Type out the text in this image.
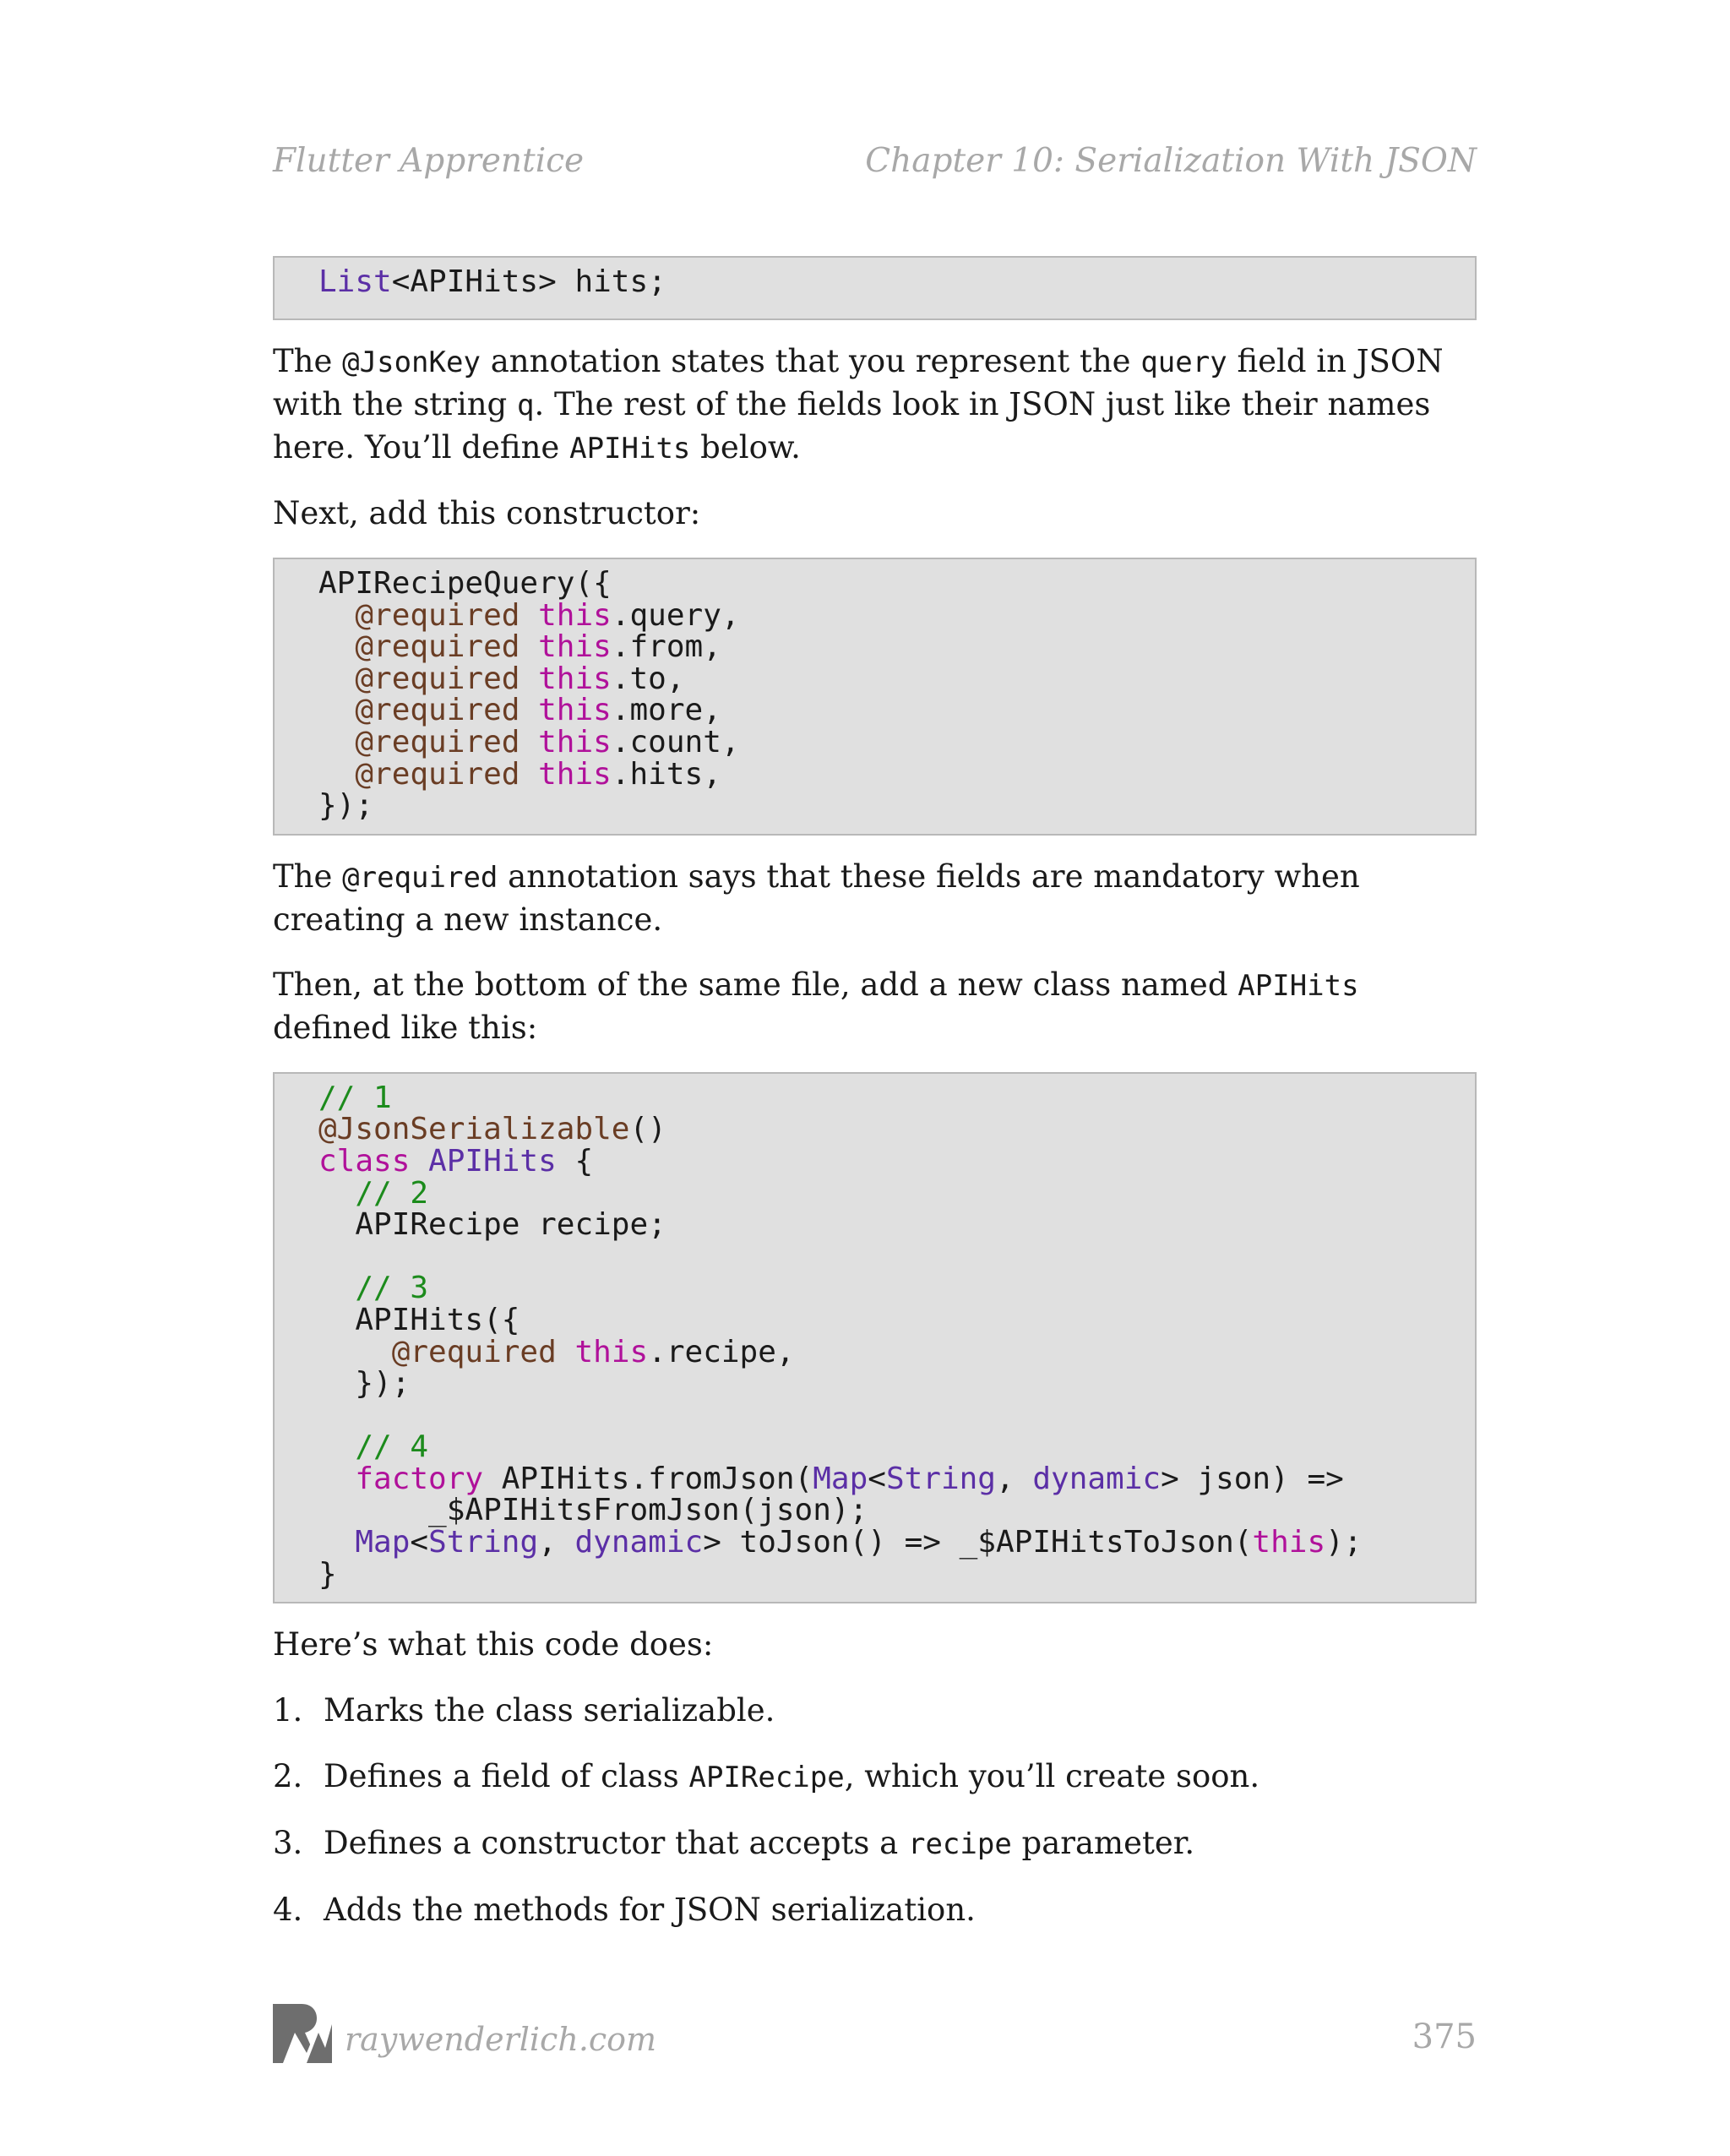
Flutter Apprentice	Chapter 10: Serialization With JSON
List<APIHits> hits;

The @JsonKey annotation states that you represent the query field in JSON with the string q. The rest of the fields look in JSON just like their names here. You’ll define APIHits below.

Next, add this constructor:

APIRecipeQuery({
@required this.query,
@required this.from,
@required this.to,
@required this.more,
@required this.count,
@required this.hits,
});

The @required annotation says that these fields are mandatory when creating a new instance.

Then, at the bottom of the same file, add a new class named APIHits defined like this:

// 1
@JsonSerializable()
class APIHits {
// 2
APIRecipe recipe;
// 3
APIHits({
@required this.recipe,
});
// 4
factory APIHits.fromJson(Map<String, dynamic> json) =>
_$APIHitsFromJson(json);
Map<String, dynamic> toJson() => _$APIHitsToJson(this);
}

Here’s what this code does:

1. Marks the class serializable.
2. Defines a field of class APIRecipe, which you’ll create soon.
3. Defines a constructor that accepts a recipe parameter.
4. Adds the methods for JSON serialization.
raywenderlich.com	375
